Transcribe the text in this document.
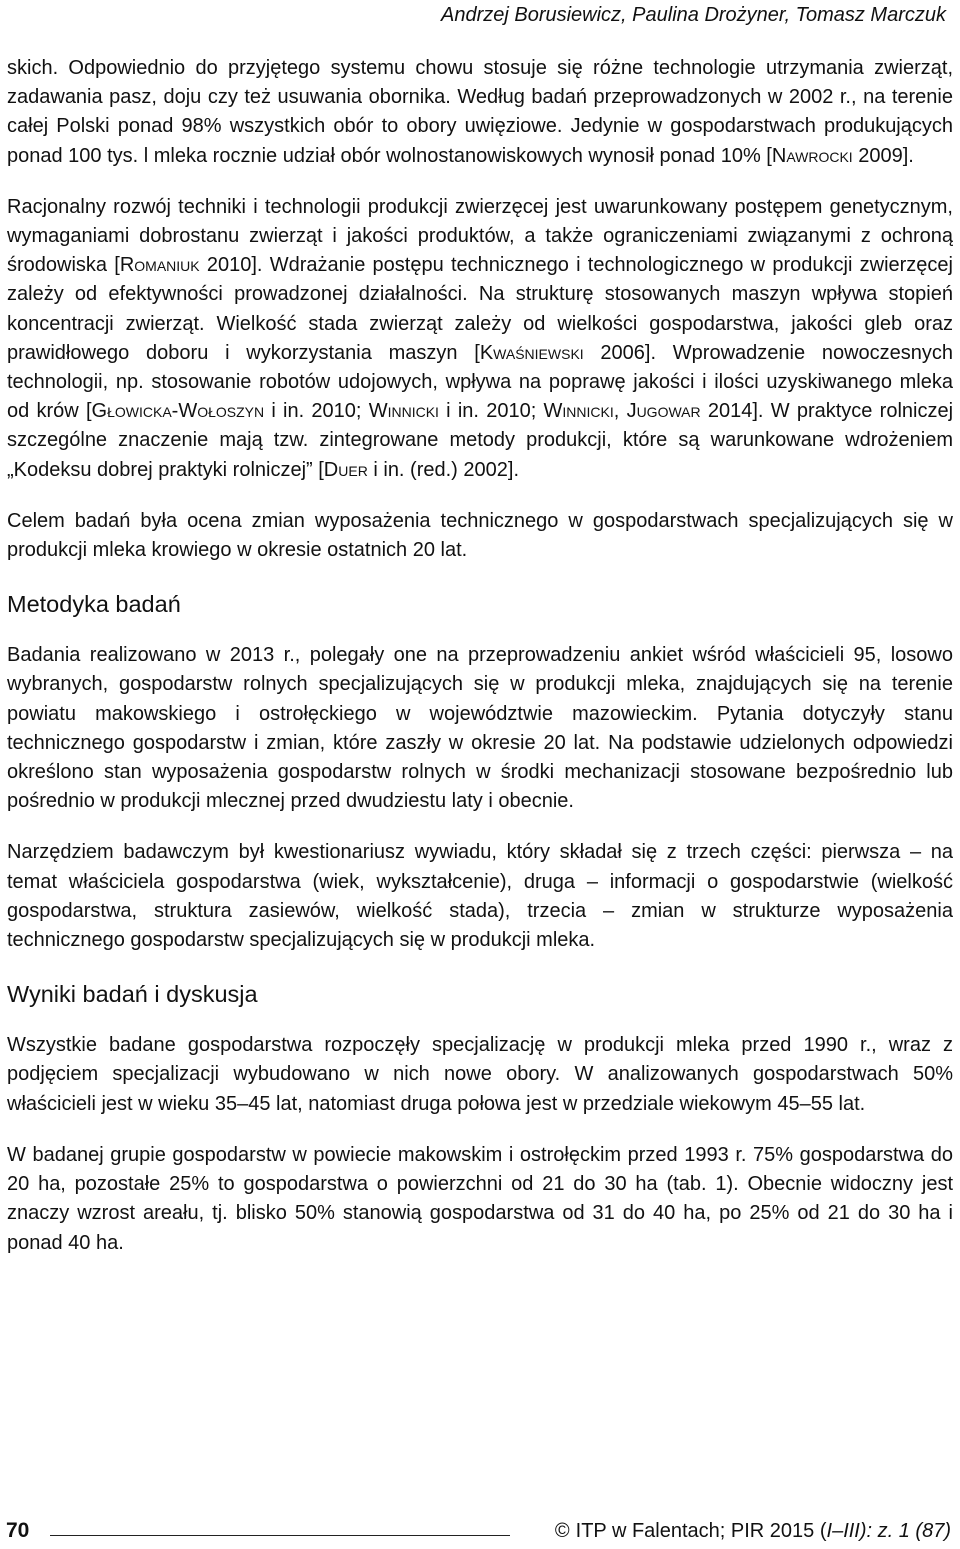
Andrzej Borusiewicz, Paulina Drożyner, Tomasz Marczuk

skich. Odpowiednio do przyjętego systemu chowu stosuje się różne technologie utrzymania zwierząt, zadawania pasz, doju czy też usuwania obornika. Według badań przeprowadzonych w 2002 r., na terenie całej Polski ponad 98% wszystkich obór to obory uwięziowe. Jedynie w gospodarstwach produkujących ponad 100 tys. l mleka rocznie udział obór wolnostanowiskowych wynosił ponad 10% [Nawrocki 2009].

Racjonalny rozwój techniki i technologii produkcji zwierzęcej jest uwarunkowany postępem genetycznym, wymaganiami dobrostanu zwierząt i jakości produktów, a także ograniczeniami związanymi z ochroną środowiska [Romaniuk 2010]. Wdrażanie postępu technicznego i technologicznego w produkcji zwierzęcej zależy od efektywności prowadzonej działalności. Na strukturę stosowanych maszyn wpływa stopień koncentracji zwierząt. Wielkość stada zwierząt zależy od wielkości gospodarstwa, jakości gleb oraz prawidłowego doboru i wykorzystania maszyn [Kwaśniewski 2006]. Wprowadzenie nowoczesnych technologii, np. stosowanie robotów udojowych, wpływa na poprawę jakości i ilości uzyskiwanego mleka od krów [Głowicka-Wołoszyn i in. 2010; Winnicki i in. 2010; Winnicki, Jugowar 2014]. W praktyce rolniczej szczególne znaczenie mają tzw. zintegrowane metody produkcji, które są warunkowane wdrożeniem „Kodeksu dobrej praktyki rolniczej” [Duer i in. (red.) 2002].

Celem badań była ocena zmian wyposażenia technicznego w gospodarstwach specjalizujących się w produkcji mleka krowiego w okresie ostatnich 20 lat.

Metodyka badań

Badania realizowano w 2013 r., polegały one na przeprowadzeniu ankiet wśród właścicieli 95, losowo wybranych, gospodarstw rolnych specjalizujących się w produkcji mleka, znajdujących się na terenie powiatu makowskiego i ostrołęckiego w województwie mazowieckim. Pytania dotyczyły stanu technicznego gospodarstw i zmian, które zaszły w okresie 20 lat. Na podstawie udzielonych odpowiedzi określono stan wyposażenia gospodarstw rolnych w środki mechanizacji stosowane bezpośrednio lub pośrednio w produkcji mlecznej przed dwudziestu laty i obecnie.

Narzędziem badawczym był kwestionariusz wywiadu, który składał się z trzech części: pierwsza – na temat właściciela gospodarstwa (wiek, wykształcenie), druga – informacji o gospodarstwie (wielkość gospodarstwa, struktura zasiewów, wielkość stada), trzecia – zmian w strukturze wyposażenia technicznego gospodarstw specjalizujących się w produkcji mleka.

Wyniki badań i dyskusja

Wszystkie badane gospodarstwa rozpoczęły specjalizację w produkcji mleka przed 1990 r., wraz z podjęciem specjalizacji wybudowano w nich nowe obory. W analizowanych gospodarstwach 50% właścicieli jest w wieku 35–45 lat, natomiast druga połowa jest w przedziale wiekowym 45–55 lat.

W badanej grupie gospodarstw w powiecie makowskim i ostrołęckim przed 1993 r. 75% gospodarstwa do 20 ha, pozostałe 25% to gospodarstwa o powierzchni od 21 do 30 ha (tab. 1). Obecnie widoczny jest znaczy wzrost areału, tj. blisko 50% stanowią gospodarstwa od 31 do 40 ha, po 25% od 21 do 30 ha i ponad 40 ha.

70	© ITP w Falentach; PIR 2015 (I–III): z. 1 (87)
